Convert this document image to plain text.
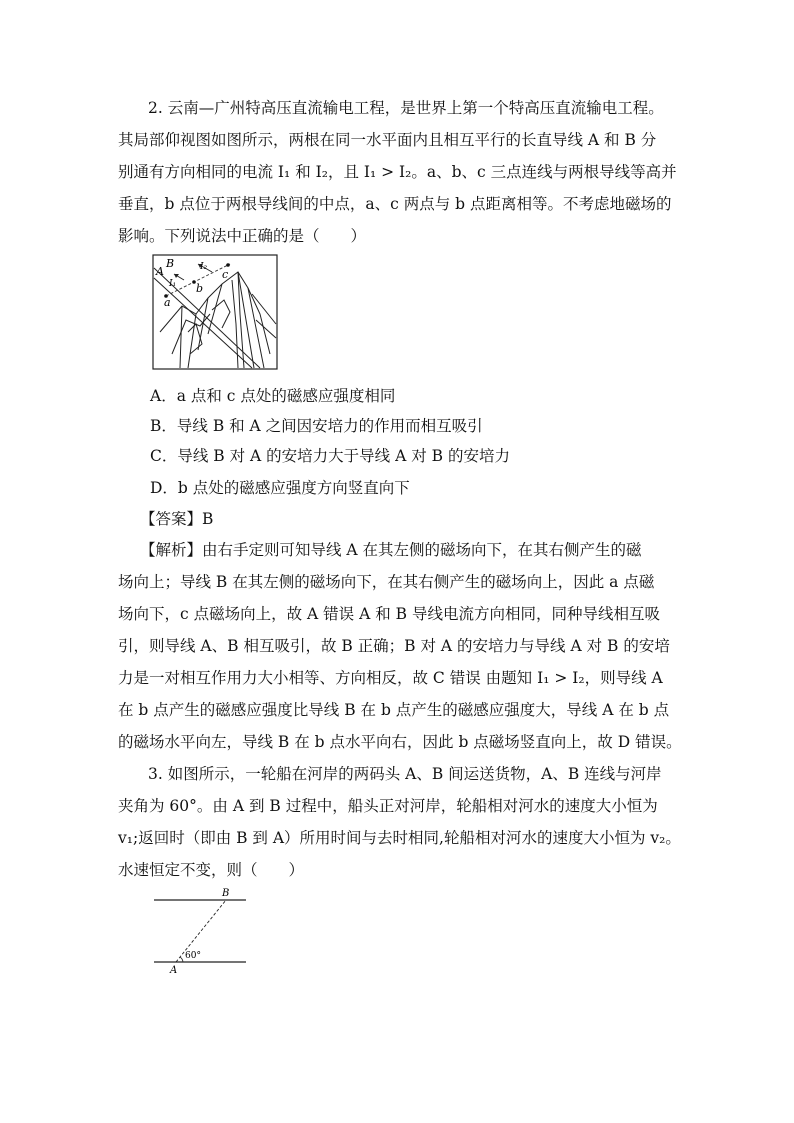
2. 云南—广州特高压直流输电工程，是世界上第一个特高压直流输电工程。
其局部仰视图如图所示，两根在同一水平面内且相互平行的长直导线 A 和 B 分
别通有方向相同的电流 I₁ 和 I₂，且 I₁ > I₂。a、b、c 三点连线与两根导线等高并
垂直，b 点位于两根导线间的中点，a、c 两点与 b 点距离相等。不考虑地磁场的
影响。下列说法中正确的是（　　）
A
B
I₁
I₂
a
b
c
A．a 点和 c 点处的磁感应强度相同
B．导线 B 和 A 之间因安培力的作用而相互吸引
C．导线 B 对 A 的安培力大于导线 A 对 B 的安培力
D．b 点处的磁感应强度方向竖直向下
【答案】B
【解析】由右手定则可知导线 A 在其左侧的磁场向下，在其右侧产生的磁
场向上；导线 B 在其左侧的磁场向下，在其右侧产生的磁场向上，因此 a 点磁
场向下，c 点磁场向上，故 A 错误 A 和 B 导线电流方向相同，同种导线相互吸
引，则导线 A、B 相互吸引，故 B 正确；B 对 A 的安培力与导线 A 对 B 的安培
力是一对相互作用力大小相等、方向相反，故 C 错误 由题知 I₁ > I₂，则导线 A
在 b 点产生的磁感应强度比导线 B 在 b 点产生的磁感应强度大，导线 A 在 b 点
的磁场水平向左，导线 B 在 b 点水平向右，因此 b 点磁场竖直向上，故 D 错误。
3. 如图所示，一轮船在河岸的两码头 A、B 间运送货物，A、B 连线与河岸
夹角为 60°。由 A 到 B 过程中，船头正对河岸，轮船相对河水的速度大小恒为
v₁;返回时（即由 B 到 A）所用时间与去时相同,轮船相对河水的速度大小恒为 v₂。
水速恒定不变，则（　　）
B
A
60°
